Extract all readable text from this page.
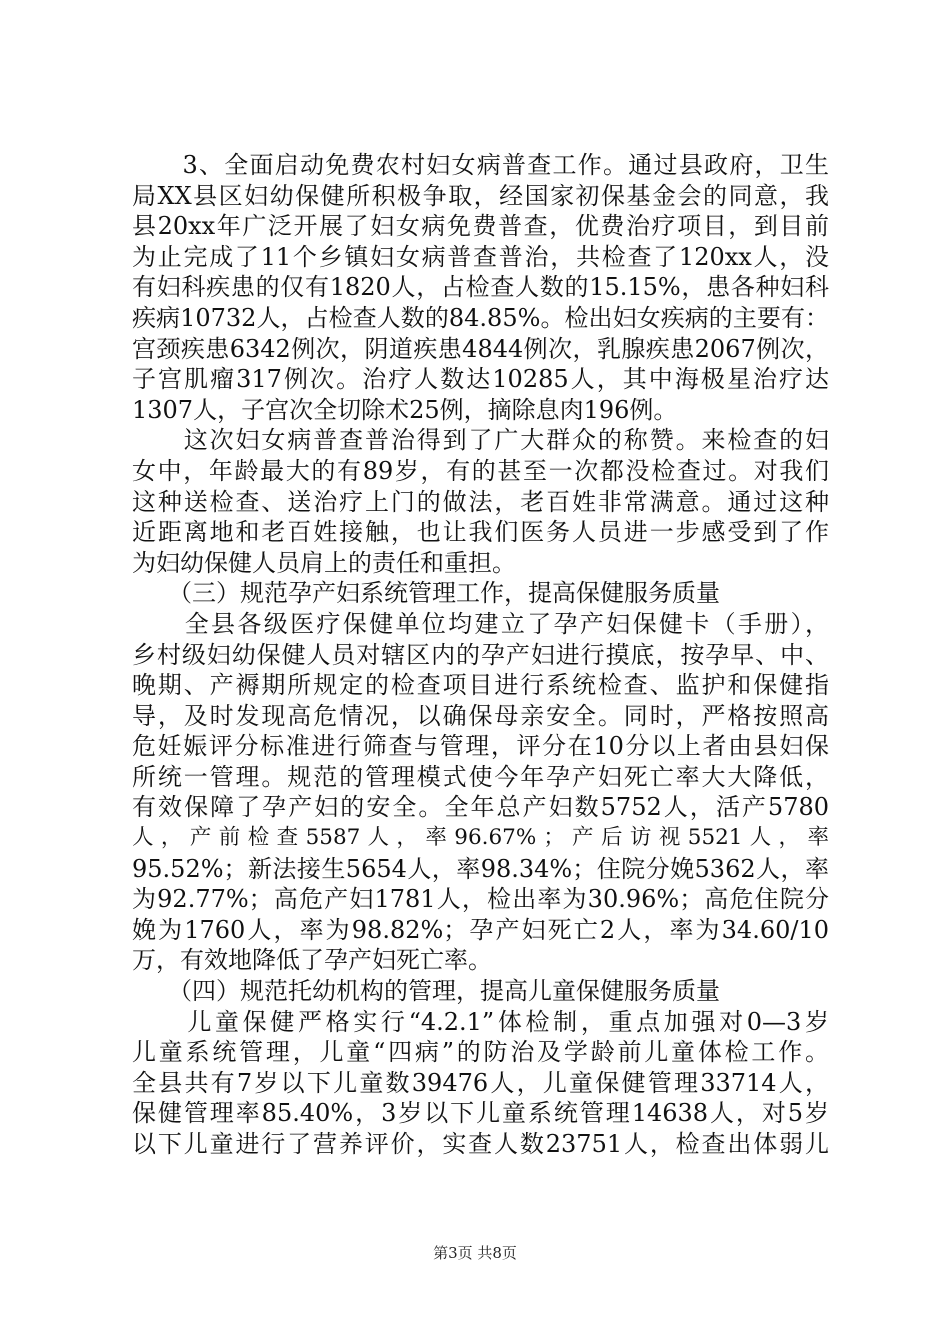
　　3、全面启动免费农村妇女病普查工作。通过县政府，卫生
局XX县区妇幼保健所积极争取，经国家初保基金会的同意，我
县20xx年广泛开展了妇女病免费普查，优费治疗项目，到目前
为止完成了11个乡镇妇女病普查普治，共检查了120xx人，没
有妇科疾患的仅有1820人，占检查人数的15.15%，患各种妇科
疾病10732人，占检查人数的84.85%。检出妇女疾病的主要有：
宫颈疾患6342例次，阴道疾患4844例次，乳腺疾患2067例次，
子宫肌瘤317例次。治疗人数达10285人，其中海极星治疗达
1307人，子宫次全切除术25例，摘除息肉196例。
　　这次妇女病普查普治得到了广大群众的称赞。来检查的妇
女中，年龄最大的有89岁，有的甚至一次都没检查过。对我们
这种送检查、送治疗上门的做法，老百姓非常满意。通过这种
近距离地和老百姓接触，也让我们医务人员进一步感受到了作
为妇幼保健人员肩上的责任和重担。
　　（三）规范孕产妇系统管理工作，提高保健服务质量
　　全县各级医疗保健单位均建立了孕产妇保健卡（手册），
乡村级妇幼保健人员对辖区内的孕产妇进行摸底，按孕早、中、
晚期、产褥期所规定的检查项目进行系统检查、监护和保健指
导，及时发现高危情况，以确保母亲安全。同时，严格按照高
危妊娠评分标准进行筛查与管理，评分在10分以上者由县妇保
所统一管理。规范的管理模式使今年孕产妇死亡率大大降低，
有效保障了孕产妇的安全。全年总产妇数5752人，活产5780
人 ， 产 前 检 查 5587 人 ， 率 96.67% ； 产 后 访 视 5521 人 ， 率
95.52%；新法接生5654人，率98.34%；住院分娩5362人，率
为92.77%；高危产妇1781人，检出率为30.96%；高危住院分
娩为1760人，率为98.82%；孕产妇死亡2人，率为34.60/10
万，有效地降低了孕产妇死亡率。
　　（四）规范托幼机构的管理，提高儿童保健服务质量
　　儿童保健严格实行“4.2.1”体检制，重点加强对0—3岁
儿童系统管理，儿童“四病”的防治及学龄前儿童体检工作。
全县共有7岁以下儿童数39476人，儿童保健管理33714人，
保健管理率85.40%，3岁以下儿童系统管理14638人，对5岁
以下儿童进行了营养评价，实查人数23751人，检查出体弱儿
第3页 共8页
